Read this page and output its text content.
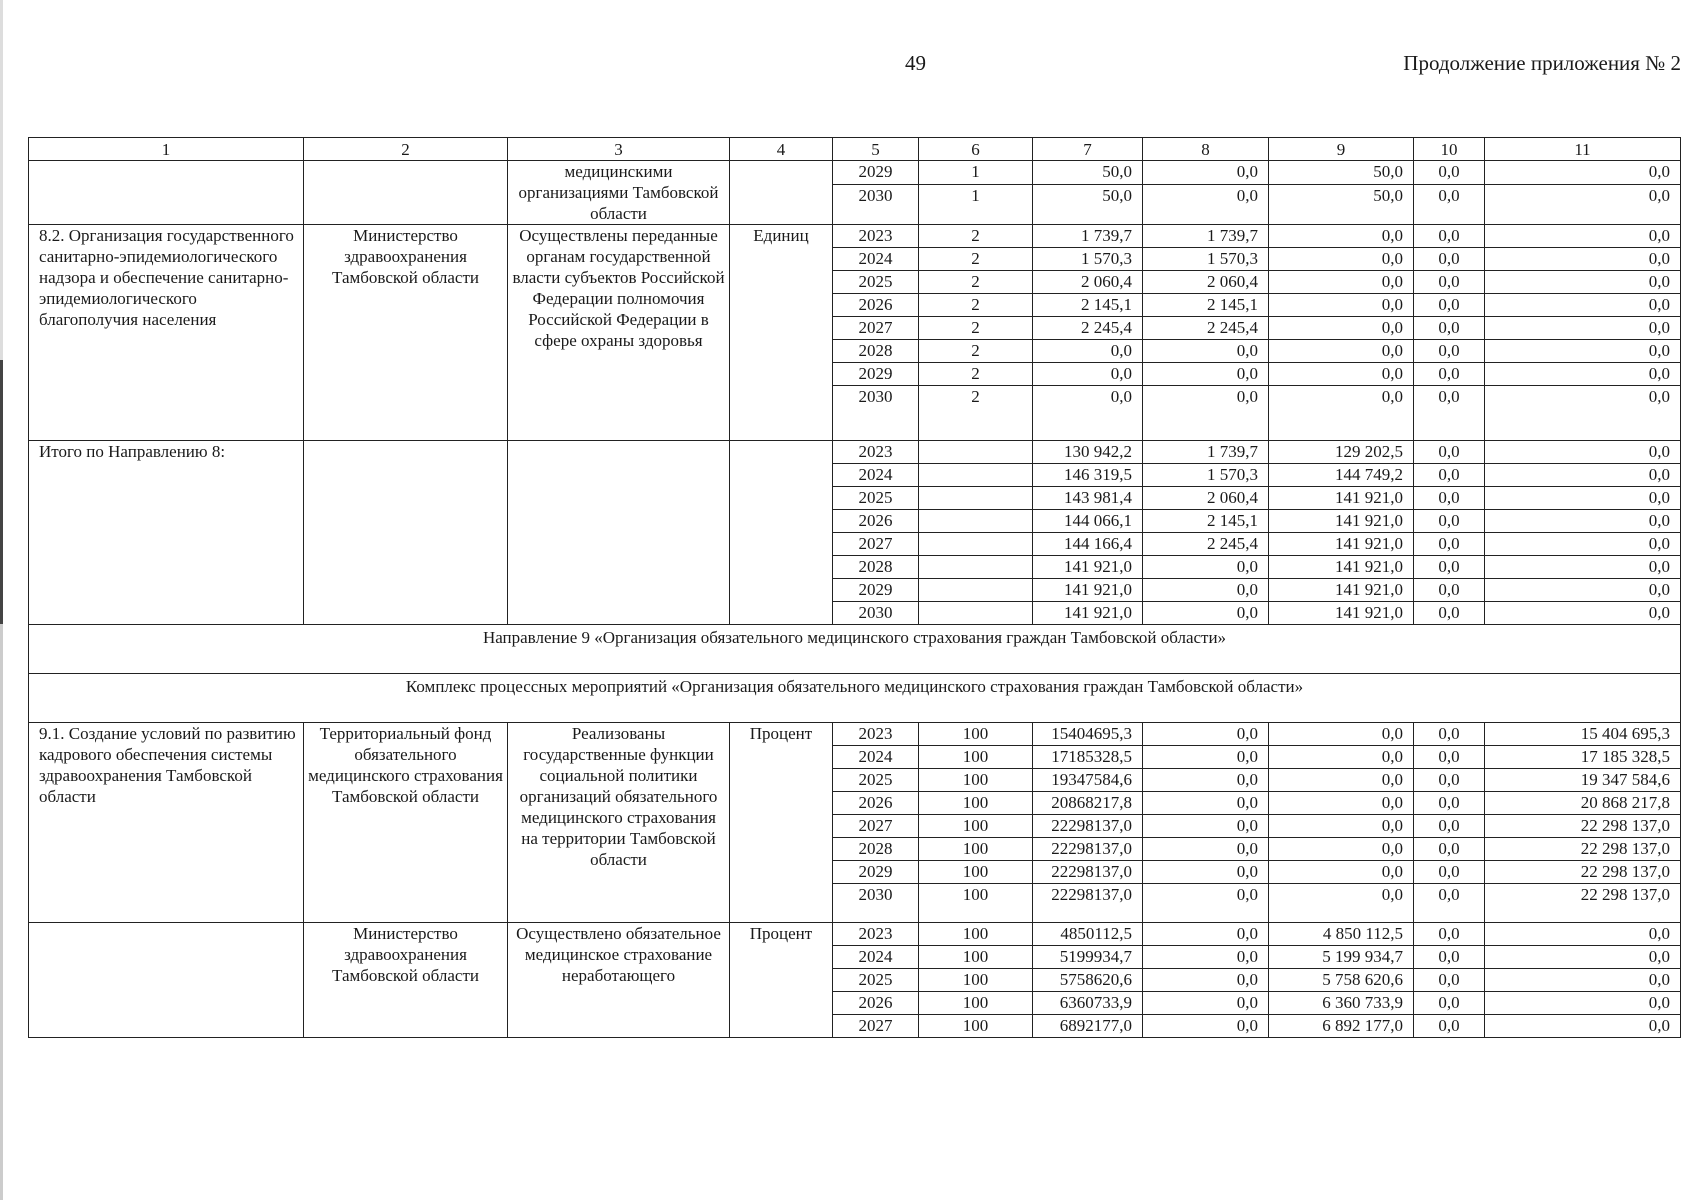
49	Продолжение приложения № 2
1	2	3	4	5	6	7	8	9	10	11
		медицинскими организациями Тамбовской области		2029	1	50,0	0,0	50,0	0,0	0,0
				2030	1	50,0	0,0	50,0	0,0	0,0
8.2. Организация государственного санитарно-эпидемиологического надзора и обеспечение санитарно-эпидемиологического благополучия населения	Министерство здравоохранения Тамбовской области	Осуществлены переданные органам государственной власти субъектов Российской Федерации полномочия Российской Федерации в сфере охраны здоровья	Единиц	2023	2	1 739,7	1 739,7	0,0	0,0	0,0
				2024	2	1 570,3	1 570,3	0,0	0,0	0,0
				2025	2	2 060,4	2 060,4	0,0	0,0	0,0
				2026	2	2 145,1	2 145,1	0,0	0,0	0,0
				2027	2	2 245,4	2 245,4	0,0	0,0	0,0
				2028	2	0,0	0,0	0,0	0,0	0,0
				2029	2	0,0	0,0	0,0	0,0	0,0
				2030	2	0,0	0,0	0,0	0,0	0,0
Итого по Направлению 8:				2023		130 942,2	1 739,7	129 202,5	0,0	0,0
				2024		146 319,5	1 570,3	144 749,2	0,0	0,0
				2025		143 981,4	2 060,4	141 921,0	0,0	0,0
				2026		144 066,1	2 145,1	141 921,0	0,0	0,0
				2027		144 166,4	2 245,4	141 921,0	0,0	0,0
				2028		141 921,0	0,0	141 921,0	0,0	0,0
				2029		141 921,0	0,0	141 921,0	0,0	0,0
				2030		141 921,0	0,0	141 921,0	0,0	0,0
Направление 9 «Организация обязательного медицинского страхования граждан Тамбовской области»										
Комплекс процессных мероприятий «Организация обязательного медицинского страхования граждан Тамбовской области»										
9.1. Создание условий по развитию кадрового обеспечения системы здравоохранения Тамбовской области	Территориальный фонд обязательного медицинского страхования Тамбовской области	Реализованы государственные функции социальной политики организаций обязательного медицинского страхования на территории Тамбовской области	Процент	2023	100	15404695,3	0,0	0,0	0,0	15 404 695,3
				2024	100	17185328,5	0,0	0,0	0,0	17 185 328,5
				2025	100	19347584,6	0,0	0,0	0,0	19 347 584,6
				2026	100	20868217,8	0,0	0,0	0,0	20 868 217,8
				2027	100	22298137,0	0,0	0,0	0,0	22 298 137,0
				2028	100	22298137,0	0,0	0,0	0,0	22 298 137,0
				2029	100	22298137,0	0,0	0,0	0,0	22 298 137,0
				2030	100	22298137,0	0,0	0,0	0,0	22 298 137,0
	Министерство здравоохранения Тамбовской области	Осуществлено обязательное медицинское страхование неработающего	Процент	2023	100	4850112,5	0,0	4 850 112,5	0,0	0,0
				2024	100	5199934,7	0,0	5 199 934,7	0,0	0,0
				2025	100	5758620,6	0,0	5 758 620,6	0,0	0,0
				2026	100	6360733,9	0,0	6 360 733,9	0,0	0,0
				2027	100	6892177,0	0,0	6 892 177,0	0,0	0,0
